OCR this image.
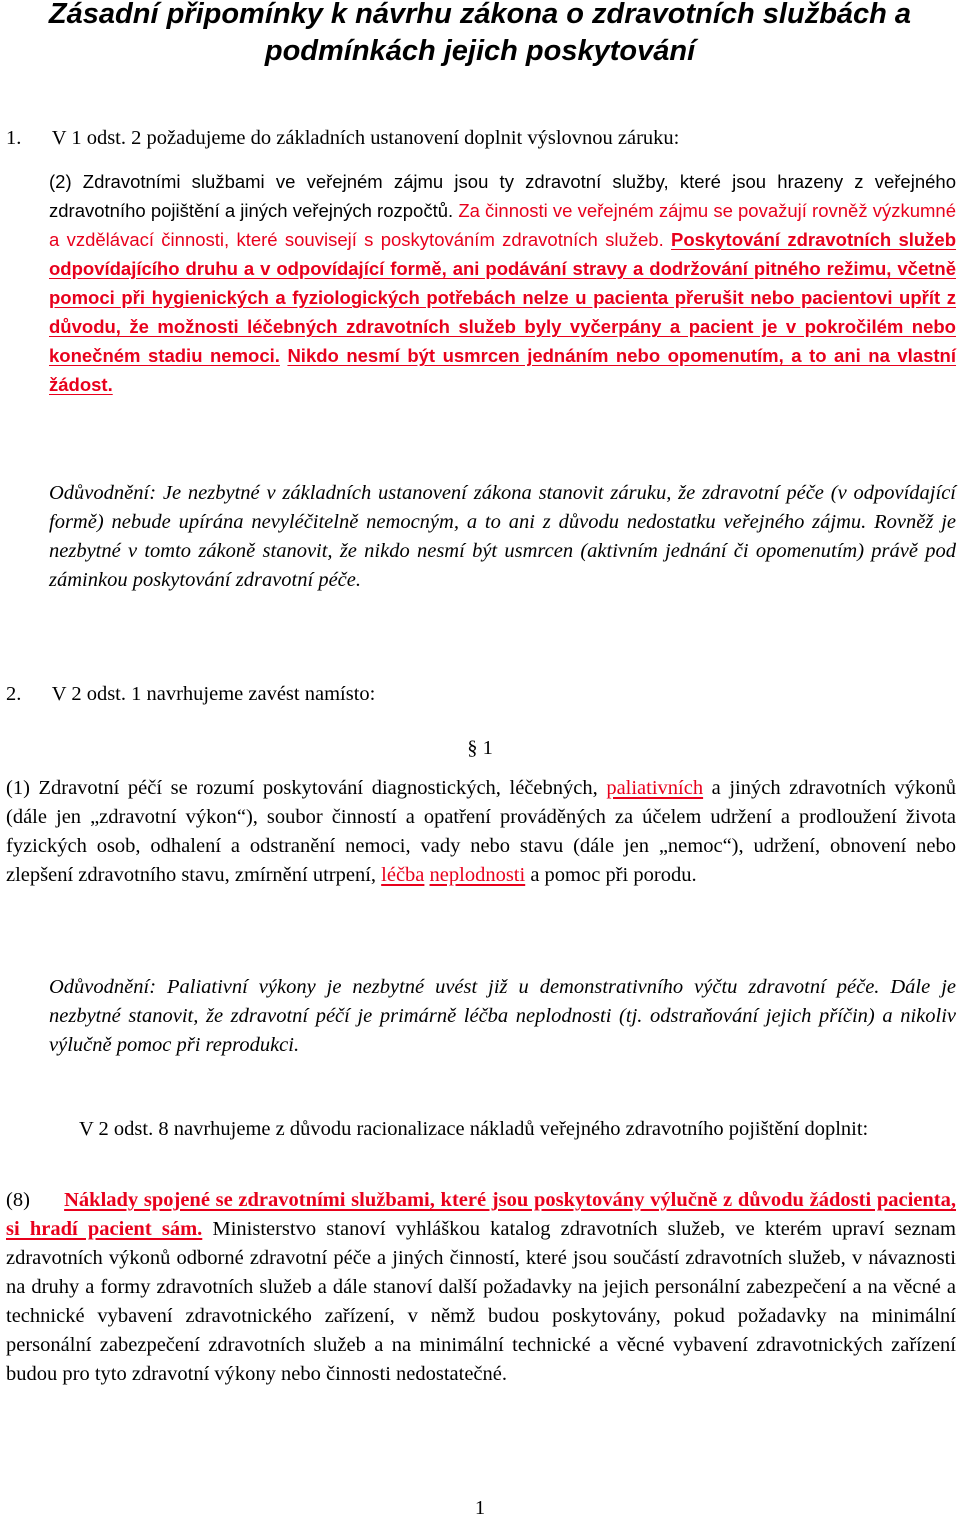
Zásadní připomínky k návrhu zákona o zdravotních službách a
podmínkách jejich poskytování

1. V 1 odst. 2 požadujeme do základních ustanovení doplnit výslovnou záruku:

(2) Zdravotními službami ve veřejném zájmu jsou ty zdravotní služby, které jsou hrazeny z veřejného zdravotního pojištění a jiných veřejných rozpočtů. Za činnosti ve veřejném zájmu se považují rovněž výzkumné a vzdělávací činnosti, které souvisejí s poskytováním zdravotních služeb. Poskytování zdravotních služeb odpovídajícího druhu a v odpovídající formě, ani podávání stravy a dodržování pitného režimu, včetně pomoci při hygienických a fyziologických potřebách nelze u pacienta přerušit nebo pacientovi upřít z důvodu, že možnosti léčebných zdravotních služeb byly vyčerpány a pacient je v pokročilém nebo konečném stadiu nemoci. Nikdo nesmí být usmrcen jednáním nebo opomenutím, a to ani na vlastní žádost.

Odůvodnění: Je nezbytné v základních ustanovení zákona stanovit záruku, že zdravotní péče (v odpovídající formě) nebude upírána nevyléčitelně nemocným, a to ani z důvodu nedostatku veřejného zájmu. Rovněž je nezbytné v tomto zákoně stanovit, že nikdo nesmí být usmrcen (aktivním jednání či opomenutím) právě pod záminkou poskytování zdravotní péče.

2. V 2 odst. 1 navrhujeme zavést namísto:

§ 1

(1) Zdravotní péčí se rozumí poskytování diagnostických, léčebných, paliativních a jiných zdravotních výkonů (dále jen „zdravotní výkon“), soubor činností a opatření prováděných za účelem udržení a prodloužení života fyzických osob, odhalení a odstranění nemoci, vady nebo stavu (dále jen „nemoc“), udržení, obnovení nebo zlepšení zdravotního stavu, zmírnění utrpení, léčba neplodnosti a pomoc při porodu.

Odůvodnění: Paliativní výkony je nezbytné uvést již u demonstrativního výčtu zdravotní péče. Dále je nezbytné stanovit, že zdravotní péčí je primárně léčba neplodnosti (tj. odstraňování jejich příčin) a nikoliv výlučně pomoc při reprodukci.

V 2 odst. 8 navrhujeme z důvodu racionalizace nákladů veřejného zdravotního pojištění doplnit:

(8) Náklady spojené se zdravotními službami, které jsou poskytovány výlučně z důvodu žádosti pacienta, si hradí pacient sám. Ministerstvo stanoví vyhláškou katalog zdravotních služeb, ve kterém upraví seznam zdravotních výkonů odborné zdravotní péče a jiných činností, které jsou součástí zdravotních služeb, v návaznosti na druhy a formy zdravotních služeb a dále stanoví další požadavky na jejich personální zabezpečení a na věcné a technické vybavení zdravotnického zařízení, v němž budou poskytovány, pokud požadavky na minimální personální zabezpečení zdravotních služeb a na minimální technické a věcné vybavení zdravotnických zařízení budou pro tyto zdravotní výkony nebo činnosti nedostatečné.

1
